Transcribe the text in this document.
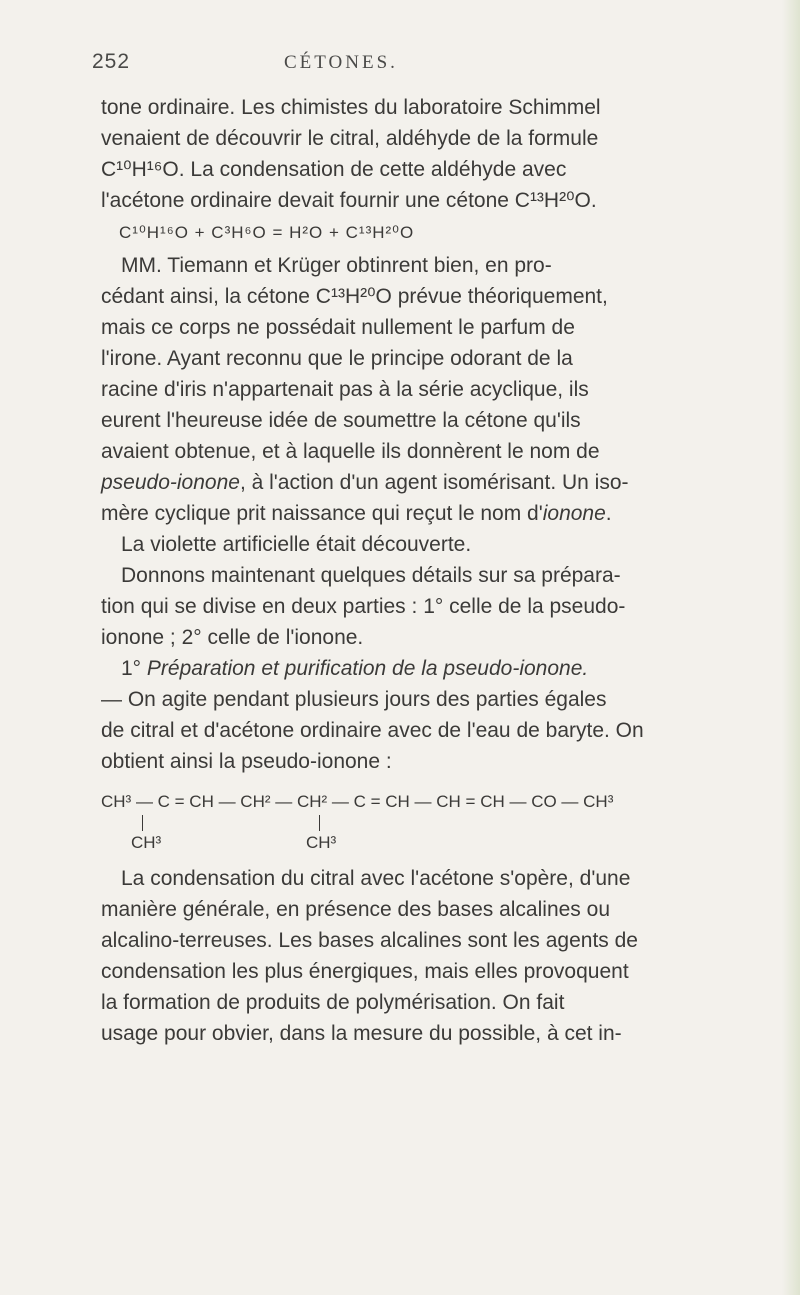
252	CÉTONES.
tone ordinaire. Les chimistes du laboratoire Schimmel
venaient de découvrir le citral, aldéhyde de la formule
C¹⁰H¹⁶O. La condensation de cette aldéhyde avec
l'acétone ordinaire devait fournir une cétone C¹³H²⁰O.
C¹⁰H¹⁶O + C³H⁶O = H²O + C¹³H²⁰O
MM. Tiemann et Krüger obtinrent bien, en pro-
cédant ainsi, la cétone C¹³H²⁰O prévue théoriquement,
mais ce corps ne possédait nullement le parfum de
l'irone. Ayant reconnu que le principe odorant de la
racine d'iris n'appartenait pas à la série acyclique, ils
eurent l'heureuse idée de soumettre la cétone qu'ils
avaient obtenue, et à laquelle ils donnèrent le nom de
pseudo-ionone, à l'action d'un agent isomérisant. Un iso-
mère cyclique prit naissance qui reçut le nom d'ionone.
La violette artificielle était découverte.
Donnons maintenant quelques détails sur sa prépara-
tion qui se divise en deux parties : 1° celle de la pseudo-
ionone ; 2° celle de l'ionone.
1° Préparation et purification de la pseudo-ionone.
— On agite pendant plusieurs jours des parties égales
de citral et d'acétone ordinaire avec de l'eau de baryte. On
obtient ainsi la pseudo-ionone :
CH³ — C = CH — CH² — CH² — C = CH — CH = CH — CO — CH³
CH³	CH³
La condensation du citral avec l'acétone s'opère, d'une
manière générale, en présence des bases alcalines ou
alcalino-terreuses. Les bases alcalines sont les agents de
condensation les plus énergiques, mais elles provoquent
la formation de produits de polymérisation. On fait
usage pour obvier, dans la mesure du possible, à cet in-
